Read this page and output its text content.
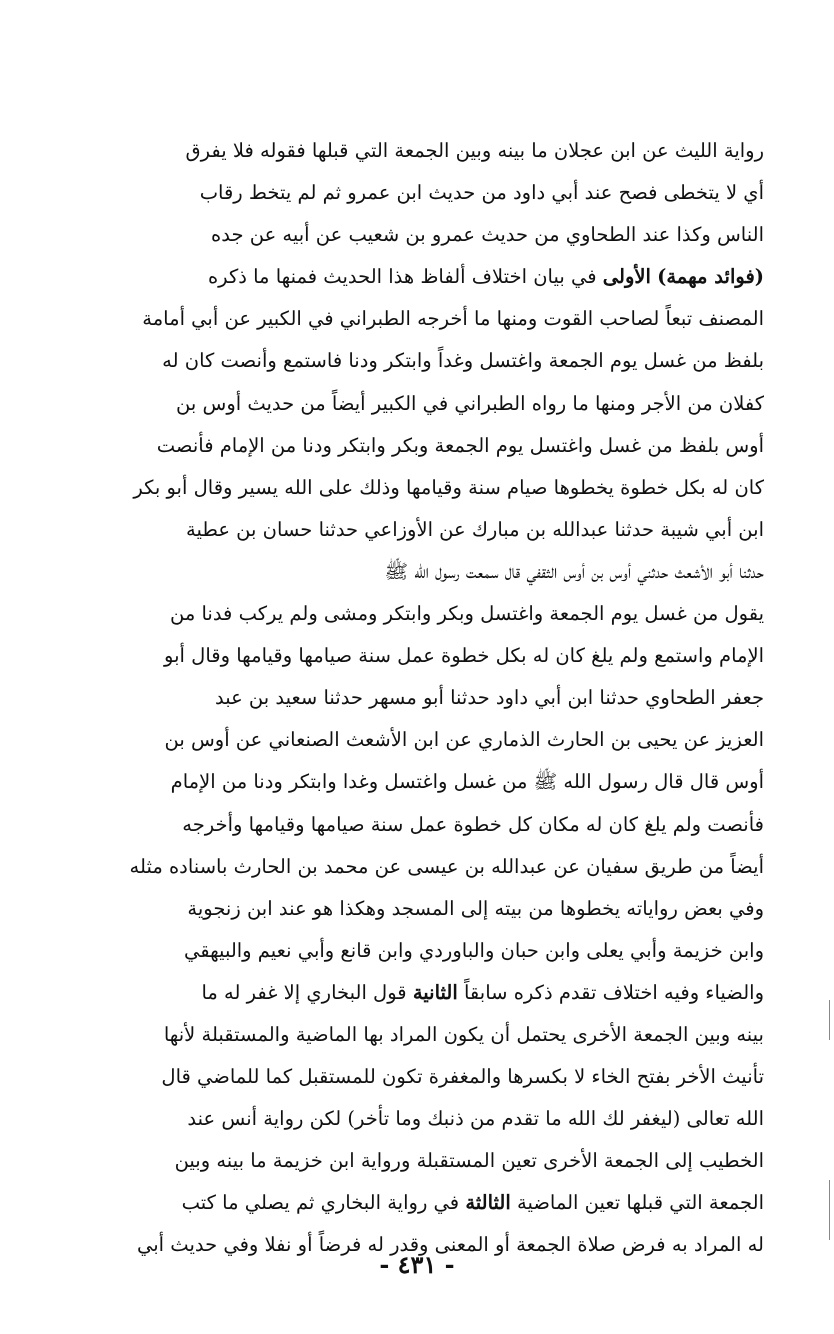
رواية الليث عن ابن عجلان ما بينه وبين الجمعة التي قبلها فقوله فلا يفرق
أي لا يتخطى فصح عند أبي داود من حديث ابن عمرو ثم لم يتخط رقاب
الناس وكذا عند الطحاوي من حديث عمرو بن شعيب عن أبيه عن جده
(فوائد مهمة) الأولى في بيان اختلاف ألفاظ هذا الحديث فمنها ما ذكره
المصنف تبعاً لصاحب القوت ومنها ما أخرجه الطبراني في الكبير عن أبي أمامة
بلفظ من غسل يوم الجمعة واغتسل وغداً وابتكر ودنا فاستمع وأنصت كان له
كفلان من الأجر ومنها ما رواه الطبراني في الكبير أيضاً من حديث أوس بن
أوس بلفظ من غسل واغتسل يوم الجمعة وبكر وابتكر ودنا من الإمام فأنصت
كان له بكل خطوة يخطوها صيام سنة وقيامها وذلك على الله يسير وقال أبو بكر
ابن أبي شيبة حدثنا عبدالله بن مبارك عن الأوزاعي حدثنا حسان بن عطية
حدثنا أبو الأشعث حدثني أوس بن أوس الثقفي قال سمعت رسول الله ﷺ
يقول من غسل يوم الجمعة واغتسل وبكر وابتكر ومشى ولم يركب فدنا من
الإمام واستمع ولم يلغ كان له بكل خطوة عمل سنة صيامها وقيامها وقال أبو
جعفر الطحاوي حدثنا ابن أبي داود حدثنا أبو مسهر حدثنا سعيد بن عبد
العزيز عن يحيى بن الحارث الذماري عن ابن الأشعث الصنعاني عن أوس بن
أوس قال قال رسول الله ﷺ من غسل واغتسل وغدا وابتكر ودنا من الإمام
فأنصت ولم يلغ كان له مكان كل خطوة عمل سنة صيامها وقيامها وأخرجه
أيضاً من طريق سفيان عن عبدالله بن عيسى عن محمد بن الحارث باسناده مثله
وفي بعض رواياته يخطوها من بيته إلى المسجد وهكذا هو عند ابن زنجوية
وابن خزيمة وأبي يعلى وابن حبان والباوردي وابن قانع وأبي نعيم والبيهقي
والضياء وفيه اختلاف تقدم ذكره سابقاً الثانية قول البخاري إلا غفر له ما
بينه وبين الجمعة الأخرى يحتمل أن يكون المراد بها الماضية والمستقبلة لأنها
تأنيث الأخر بفتح الخاء لا بكسرها والمغفرة تكون للمستقبل كما للماضي قال
الله تعالى (ليغفر لك الله ما تقدم من ذنبك وما تأخر) لكن رواية أنس عند
الخطيب إلى الجمعة الأخرى تعين المستقبلة ورواية ابن خزيمة ما بينه وبين
الجمعة التي قبلها تعين الماضية الثالثة في رواية البخاري ثم يصلي ما كتب
له المراد به فرض صلاة الجمعة أو المعنى وقدر له فرضاً أو نفلا وفي حديث أبي
- ٤٣١ -
